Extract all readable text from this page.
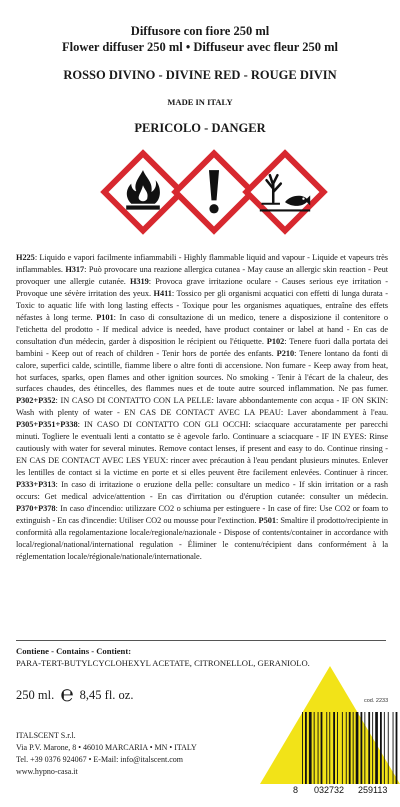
Diffusore con fiore 250 ml
Flower diffuser 250 ml • Diffuseur avec fleur 250 ml
ROSSO DIVINO - DIVINE RED - ROUGE DIVIN
MADE IN ITALY
PERICOLO - DANGER
H225: Liquido e vapori facilmente infiammabili - Highly flammable liquid and vapour - Liquide et vapeurs très inflammables. H317: Può provocare una reazione allergica cutanea - May cause an allergic skin reaction - Peut provoquer une allergie cutanée. H319: Provoca grave irritazione oculare - Causes serious eye irritation - Provoque une sévère irritation des yeux. H411: Tossico per gli organismi acquatici con effetti di lunga durata - Toxic to aquatic life with long lasting effects - Toxique pour les organismes aquatiques, entraîne des effets néfastes à long terme. P101: In caso di consultazione di un medico, tenere a disposizione il contenitore o l'etichetta del prodotto - If medical advice is needed, have product container or label at hand - En cas de consultation d'un médecin, garder à disposition le récipient ou l'étiquette. P102: Tenere fuori dalla portata dei bambini - Keep out of reach of children - Tenir hors de portée des enfants. P210: Tenere lontano da fonti di calore, superfici calde, scintille, fiamme libere o altre fonti di accensione. Non fumare - Keep away from heat, hot surfaces, sparks, open flames and other ignition sources. No smoking - Tenir à l'écart de la chaleur, des surfaces chaudes, des étincelles, des flammes nues et de toute autre sourced inflammation. Ne pas fumer. P302+P352: IN CASO DI CONTATTO CON LA PELLE: lavare abbondantemente con acqua - IF ON SKIN: Wash with plenty of water - EN CAS DE CONTACT AVEC LA PEAU: Laver abondamment à l'eau. P305+P351+P338: IN CASO DI CONTATTO CON GLI OCCHI: sciacquare accuratamente per parecchi minuti. Togliere le eventuali lenti a contatto se è agevole farlo. Continuare a sciacquare - IF IN EYES: Rinse cautiously with water for several minutes. Remove contact lenses, if present and easy to do. Continue rinsing - EN CAS DE CONTACT AVEC LES YEUX: rincer avec précaution à l'eau pendant plusieurs minutes. Enlever les lentilles de contact si la victime en porte et si elles peuvent être facilement enlevées. Continuer à rincer. P333+P313: In caso di irritazione o eruzione della pelle: consultare un medico - If skin irritation or a rash occurs: Get medical advice/attention - En cas d'irritation ou d'éruption cutanée: consulter un médecin. P370+P378: In caso d'incendio: utilizzare CO2 o schiuma per estinguere - In case of fire: Use CO2 or foam to extinguish - En cas d'incendie: Utiliser CO2 ou mousse pour l'extinction. P501: Smaltire il prodotto/recipiente in conformità alla regolamentazione locale/regionale/nazionale - Dispose of contents/container in accordance with local/regional/national/international regulation - Éliminer le contenu/récipient dans conformément à la réglementation locale/régionale/nationale/internationale.
Contiene - Contains - Contient:
PARA-TERT-BUTYLCYCLOHEXYL ACETATE, CITRONELLOL, GERANIOLO.
250 ml. ℮ 8,45 fl. oz.
ITALSCENT S.r.l.
Via P.V. Marone, 8 • 46010 MARCARIA • MN • ITALY
Tel. +39 0376 924067 • E-Mail: info@italscent.com
www.hypno-casa.it
cod. 2233
8 032732 259113
